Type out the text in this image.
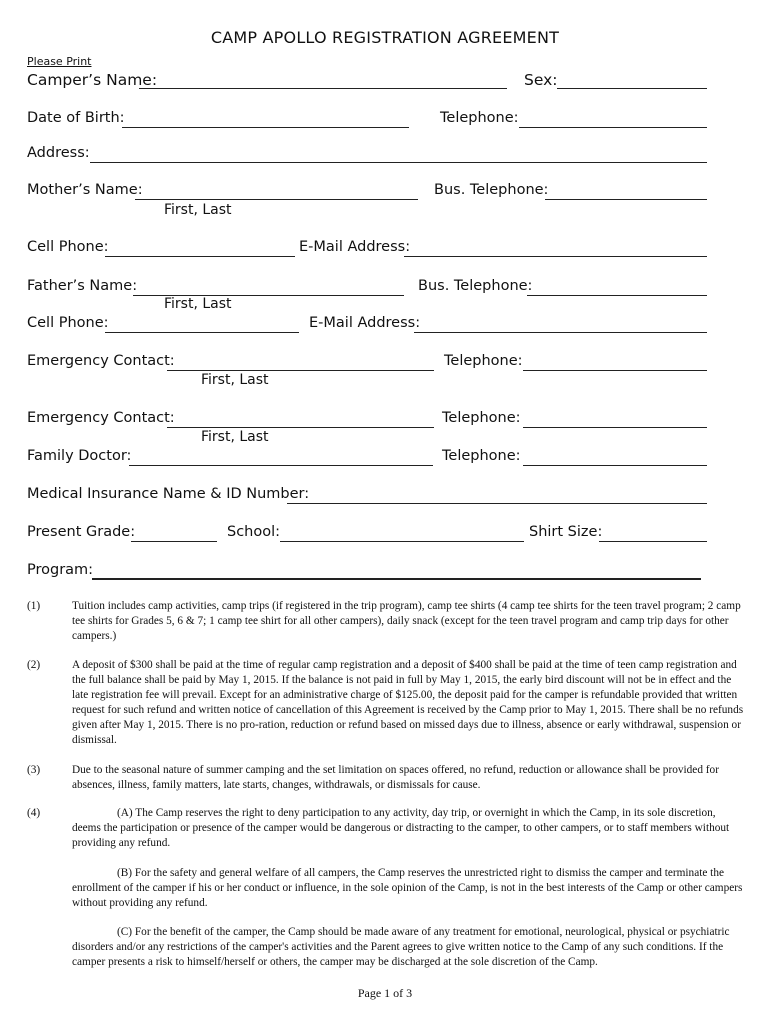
CAMP APOLLO REGISTRATION AGREEMENT
Please Print
Camper’s Name:	Sex:
Date of Birth:	Telephone:
Address:
Mother’s Name:	Bus. Telephone:
First, Last
Cell Phone:	E-Mail Address:
Father’s Name:	Bus. Telephone:
First, Last
Cell Phone:	E-Mail Address:
Emergency Contact:	Telephone:
First, Last
Emergency Contact:	Telephone:
First, Last
Family Doctor:	Telephone:
Medical Insurance Name & ID Number:
Present Grade:	School:	Shirt Size:
Program:
(1)	Tuition includes camp activities, camp trips (if registered in the trip program), camp tee shirts (4 camp tee shirts for the teen travel program; 2 camp tee shirts for Grades 5, 6 & 7; 1 camp tee shirt for all other campers), daily snack (except for the teen travel program and camp trip days for other campers.)
(2)	A deposit of $300 shall be paid at the time of regular camp registration and a deposit of $400 shall be paid at the time of teen camp registration and the full balance shall be paid by May 1, 2015. If the balance is not paid in full by May 1, 2015, the early bird discount will not be in effect and the late registration fee will prevail. Except for an administrative charge of $125.00, the deposit paid for the camper is refundable provided that written request for such refund and written notice of cancellation of this Agreement is received by the Camp prior to May 1, 2015. There shall be no refunds given after May 1, 2015. There is no pro-ration, reduction or refund based on missed days due to illness, absence or early withdrawal, suspension or dismissal.
(3)	Due to the seasonal nature of summer camping and the set limitation on spaces offered, no refund, reduction or allowance shall be provided for absences, illness, family matters, late starts, changes, withdrawals, or dismissals for cause.
(4)	(A) The Camp reserves the right to deny participation to any activity, day trip, or overnight in which the Camp, in its sole discretion, deems the participation or presence of the camper would be dangerous or distracting to the camper, to other campers, or to staff members without providing any refund.
(B) For the safety and general welfare of all campers, the Camp reserves the unrestricted right to dismiss the camper and terminate the enrollment of the camper if his or her conduct or influence, in the sole opinion of the Camp, is not in the best interests of the Camp or other campers without providing any refund.
(C) For the benefit of the camper, the Camp should be made aware of any treatment for emotional, neurological, physical or psychiatric disorders and/or any restrictions of the camper's activities and the Parent agrees to give written notice to the Camp of any such conditions. If the camper presents a risk to himself/herself or others, the camper may be discharged at the sole discretion of the Camp.
Page 1 of 3
